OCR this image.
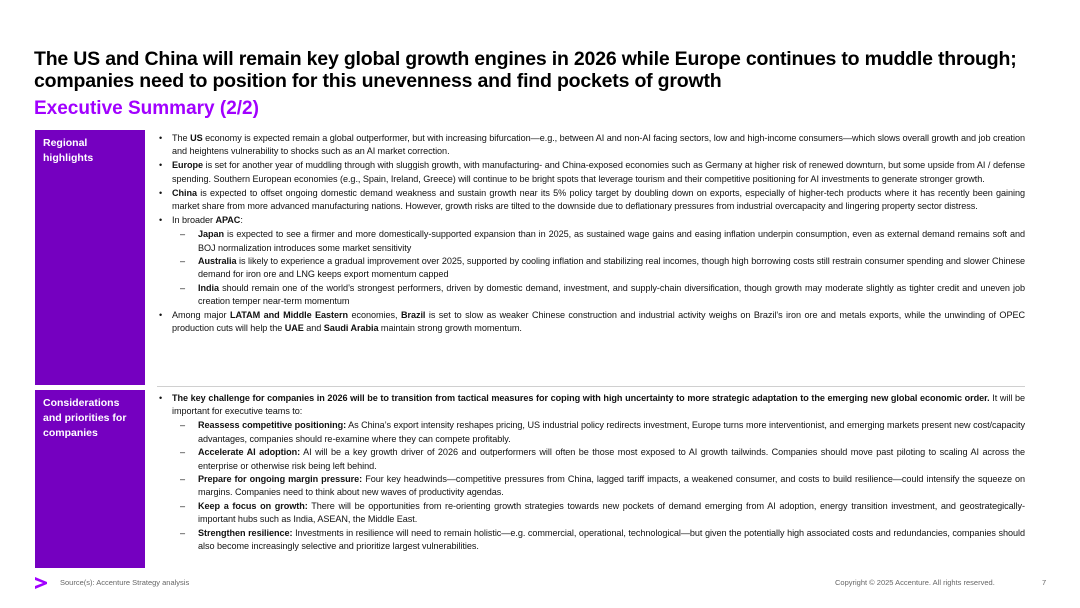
The US and China will remain key global growth engines in 2026 while Europe continues to muddle through;
companies need to position for this unevenness and find pockets of growth
Executive Summary (2/2)
Regional
highlights
• The US economy is expected remain a global outperformer, but with increasing bifurcation—e.g., between AI and non-AI facing sectors, low and high-income consumers—which slows overall growth and job creation and heightens vulnerability to shocks such as an AI market correction.
• Europe is set for another year of muddling through with sluggish growth, with manufacturing- and China-exposed economies such as Germany at higher risk of renewed downturn, but some upside from AI / defense spending. Southern European economies (e.g., Spain, Ireland, Greece) will continue to be bright spots that leverage tourism and their competitive positioning for AI investments to generate stronger growth.
• China is expected to offset ongoing domestic demand weakness and sustain growth near its 5% policy target by doubling down on exports, especially of higher-tech products where it has recently been gaining market share from more advanced manufacturing nations. However, growth risks are tilted to the downside due to deflationary pressures from industrial overcapacity and lingering property sector distress.
• In broader APAC:
– Japan is expected to see a firmer and more domestically-supported expansion than in 2025, as sustained wage gains and easing inflation underpin consumption, even as external demand remains soft and BOJ normalization introduces some market sensitivity
– Australia is likely to experience a gradual improvement over 2025, supported by cooling inflation and stabilizing real incomes, though high borrowing costs still restrain consumer spending and slower Chinese demand for iron ore and LNG keeps export momentum capped
– India should remain one of the world’s strongest performers, driven by domestic demand, investment, and supply-chain diversification, though growth may moderate slightly as tighter credit and uneven job creation temper near-term momentum
• Among major LATAM and Middle Eastern economies, Brazil is set to slow as weaker Chinese construction and industrial activity weighs on Brazil’s iron ore and metals exports, while the unwinding of OPEC production cuts will help the UAE and Saudi Arabia maintain strong growth momentum.
Considerations
and priorities for
companies
• The key challenge for companies in 2026 will be to transition from tactical measures for coping with high uncertainty to more strategic adaptation to the emerging new global economic order. It will be important for executive teams to:
– Reassess competitive positioning: As China’s export intensity reshapes pricing, US industrial policy redirects investment, Europe turns more interventionist, and emerging markets present new cost/capacity advantages, companies should re-examine where they can compete profitably.
– Accelerate AI adoption: AI will be a key growth driver of 2026 and outperformers will often be those most exposed to AI growth tailwinds. Companies should move past piloting to scaling AI across the enterprise or otherwise risk being left behind.
– Prepare for ongoing margin pressure: Four key headwinds—competitive pressures from China, lagged tariff impacts, a weakened consumer, and costs to build resilience—could intensify the squeeze on margins. Companies need to think about new waves of productivity agendas.
– Keep a focus on growth: There will be opportunities from re-orienting growth strategies towards new pockets of demand emerging from AI adoption, energy transition investment, and geostrategically-important hubs such as India, ASEAN, the Middle East.
– Strengthen resilience: Investments in resilience will need to remain holistic—e.g. commercial, operational, technological—but given the potentially high associated costs and redundancies, companies should also become increasingly selective and prioritize largest vulnerabilities.
Source(s): Accenture Strategy analysis	Copyright © 2025 Accenture. All rights reserved.	7
